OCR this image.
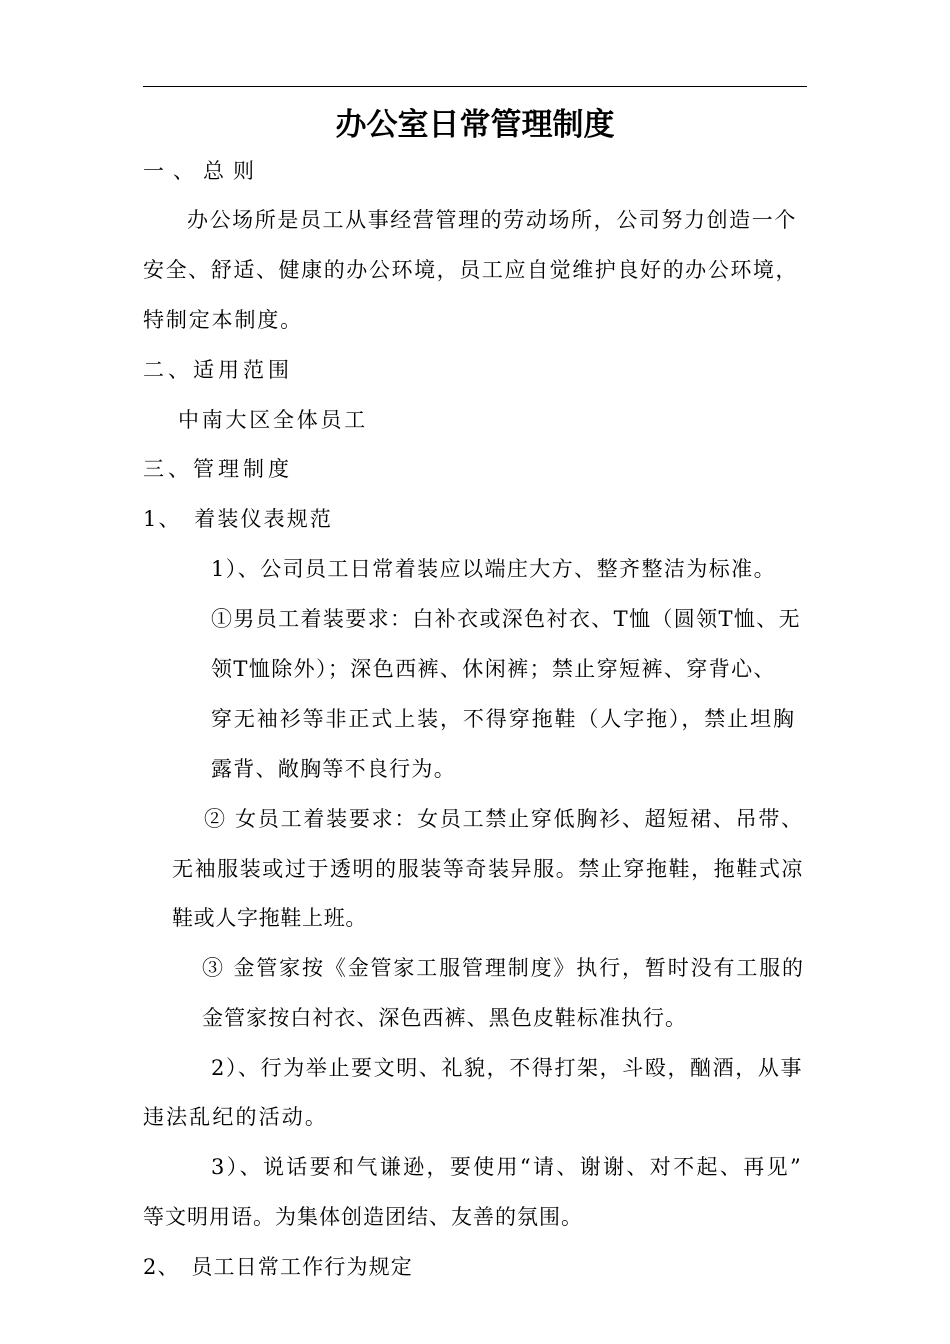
办公室日常管理制度
一、总则
办公场所是员工从事经营管理的劳动场所，公司努力创造一个
安全、舒适、健康的办公环境，员工应自觉维护良好的办公环境，
特制定本制度。
二、适用范围
中南大区全体员工
三、管理制度
1、　着装仪表规范
1）、公司员工日常着装应以端庄大方、整齐整洁为标准。
①男员工着装要求：白补衣或深色衬衣、T恤（圆领T恤、无
领T恤除外）；深色西裤、休闲裤；禁止穿短裤、穿背心、
穿无袖衫等非正式上装，不得穿拖鞋（人字拖），禁止坦胸
露背、敞胸等不良行为。
② 女员工着装要求：女员工禁止穿低胸衫、超短裙、吊带、
无袖服装或过于透明的服装等奇装异服。禁止穿拖鞋，拖鞋式凉
鞋或人字拖鞋上班。
③ 金管家按《金管家工服管理制度》执行，暂时没有工服的
金管家按白衬衣、深色西裤、黑色皮鞋标准执行。
2）、行为举止要文明、礼貌，不得打架，斗殴，酗酒，从事
违法乱纪的活动。
3）、说话要和气谦逊，要使用“请、谢谢、对不起、再见”
等文明用语。为集体创造团结、友善的氛围。
2、　员工日常工作行为规定
